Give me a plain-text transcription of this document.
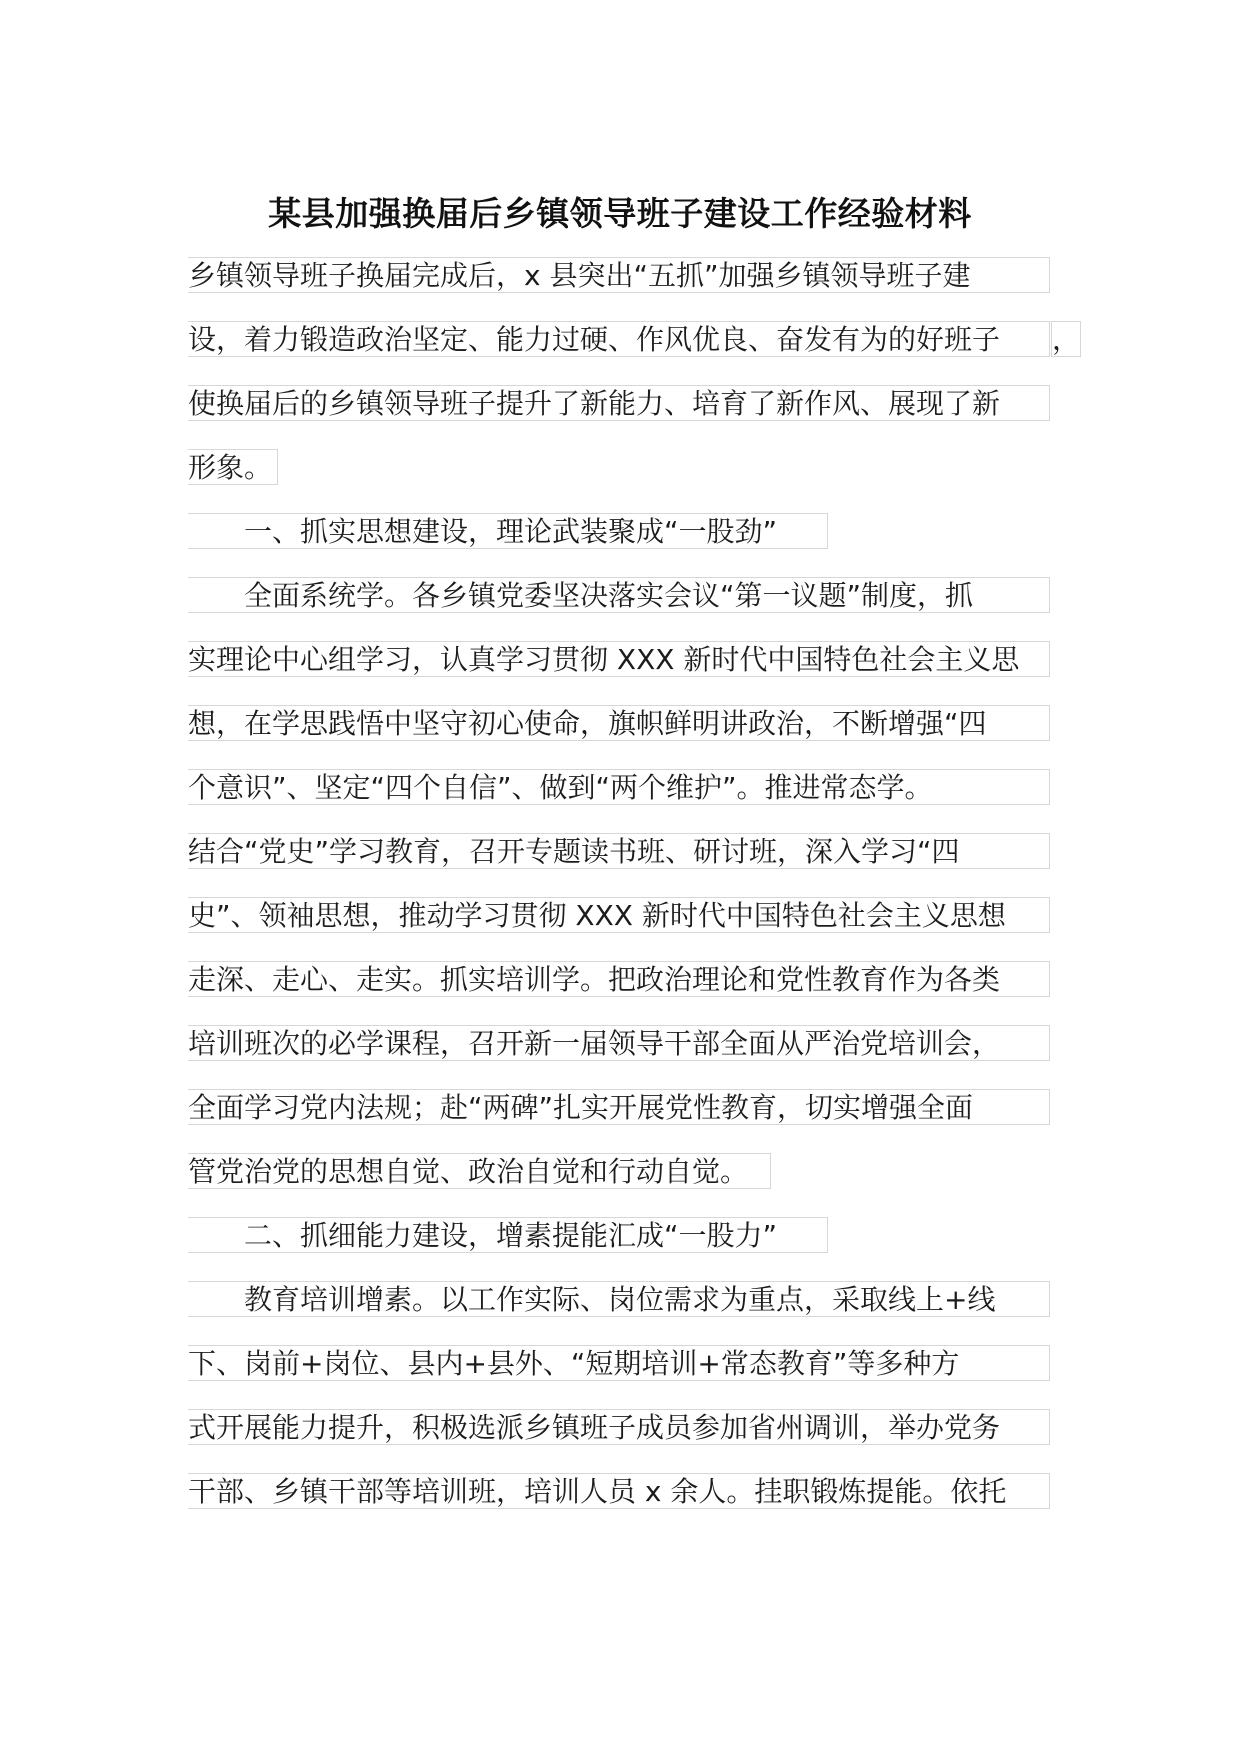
某县加强换届后乡镇领导班子建设工作经验材料
乡镇领导班子换届完成后，x 县突出“五抓”加强乡镇领导班子建
设，着力锻造政治坚定、能力过硬、作风优良、奋发有为的好班子	，
使换届后的乡镇领导班子提升了新能力、培育了新作风、展现了新
形象。
一、抓实思想建设，理论武装聚成“一股劲”
全面系统学。各乡镇党委坚决落实会议“第一议题”制度，抓
实理论中心组学习，认真学习贯彻 XXX 新时代中国特色社会主义思
想，在学思践悟中坚守初心使命，旗帜鲜明讲政治，不断增强“四
个意识”、坚定“四个自信”、做到“两个维护”。推进常态学。
结合“党史”学习教育，召开专题读书班、研讨班，深入学习“四
史”、领袖思想，推动学习贯彻 XXX 新时代中国特色社会主义思想
走深、走心、走实。抓实培训学。把政治理论和党性教育作为各类
培训班次的必学课程，召开新一届领导干部全面从严治党培训会，
全面学习党内法规；赴“两碑”扎实开展党性教育，切实增强全面
管党治党的思想自觉、政治自觉和行动自觉。
二、抓细能力建设，增素提能汇成“一股力”
教育培训增素。以工作实际、岗位需求为重点，采取线上+线
下、岗前+岗位、县内+县外、“短期培训+常态教育”等多种方
式开展能力提升，积极选派乡镇班子成员参加省州调训，举办党务
干部、乡镇干部等培训班，培训人员 x 余人。挂职锻炼提能。依托
